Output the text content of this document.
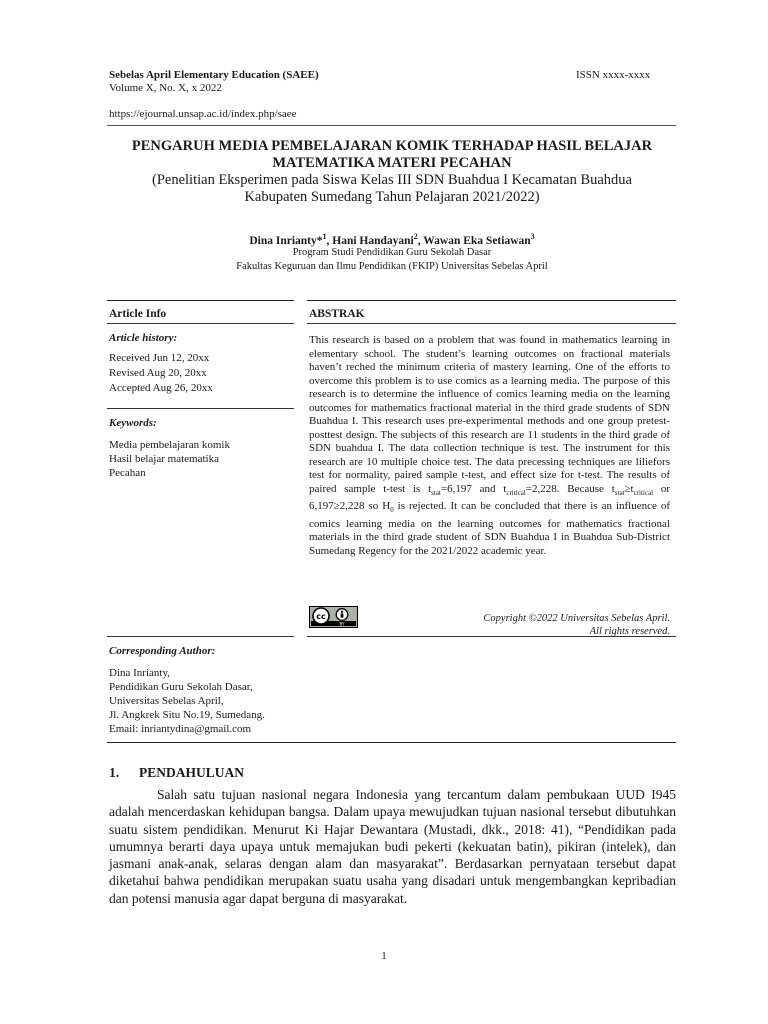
Sebelas April Elementary Education (SAEE)	ISSN xxxx-xxxx
Volume X, No. X, x 2022
https://ejournal.unsap.ac.id/index.php/saee
PENGARUH MEDIA PEMBELAJARAN KOMIK TERHADAP HASIL BELAJAR
MATEMATIKA MATERI PECAHAN
(Penelitian Eksperimen pada Siswa Kelas III SDN Buahdua I Kecamatan Buahdua
Kabupaten Sumedang Tahun Pelajaran 2021/2022)
Dina Inrianty*$^1$, Hani Handayani$^2$, Wawan Eka Setiawan$^3$
Program Studi Pendidikan Guru Sekolah Dasar
Fakultas Keguruan dan Ilmu Pendidikan (FKIP) Universitas Sebelas April
Article Info	ABSTRAK
Article history:
Received Jun 12, 20xx
Revised Aug 20, 20xx
Accepted Aug 26, 20xx
Keywords:
Media pembelajaran komik
Hasil belajar matematika
Pecahan

This research is based on a problem that was found in mathematics learning in elementary school. The student’s learning outcomes on fractional materials haven’t reched the minimum criteria of mastery learning. One of the efforts to overcome this problem is to use comics as a learning media. The purpose of this research is to determine the influence of comics learning media on the learning outcomes for mathematics fractional material in the third grade students of SDN Buahdua I. This research uses pre-experimental methods and one group pretest-posttest design. The subjects of this research are 11 students in the third grade of SDN buahdua I. The data collection technique is test. The instrument for this research are 10 multiple choice test. The data precessing techniques are liliefors test for normality, paired sample t-test, and effect size for t-test. The results of paired sample t-test is $t_{stat}=6,197$ and $t_{critical}=2,228$. Because $t_{stat}\ge t_{critical}$ or 6,197≥2,228 so $H_0$ is rejected. It can be concluded that there is an influence of comics learning media on the learning outcomes for mathematics fractional materials in the third grade student of SDN Buahdua I in Buahdua Sub-District Sumedang Regency for the 2021/2022 academic year.

cc
BY
Copyright ©2022 Universitas Sebelas April.
All rights reserved.
Corresponding Author:
Dina Inrianty,
Pendidikan Guru Sekolah Dasar,
Universitas Sebelas April,
Jl. Angkrek Situ No.19, Sumedang.
Email: inriantydina@gmail.com
1. PENDAHULUAN

Salah satu tujuan nasional negara Indonesia yang tercantum dalam pembukaan UUD I945 adalah mencerdaskan kehidupan bangsa. Dalam upaya mewujudkan tujuan nasional tersebut dibutuhkan suatu sistem pendidikan. Menurut Ki Hajar Dewantara (Mustadi, dkk., 2018: 41), “Pendidikan pada umumnya berarti daya upaya untuk memajukan budi pekerti (kekuatan batin), pikiran (intelek), dan jasmani anak-anak, selaras dengan alam dan masyarakat”. Berdasarkan pernyataan tersebut dapat diketahui bahwa pendidikan merupakan suatu usaha yang disadari untuk mengembangkan kepribadian dan potensi manusia agar dapat berguna di masyarakat.

1
